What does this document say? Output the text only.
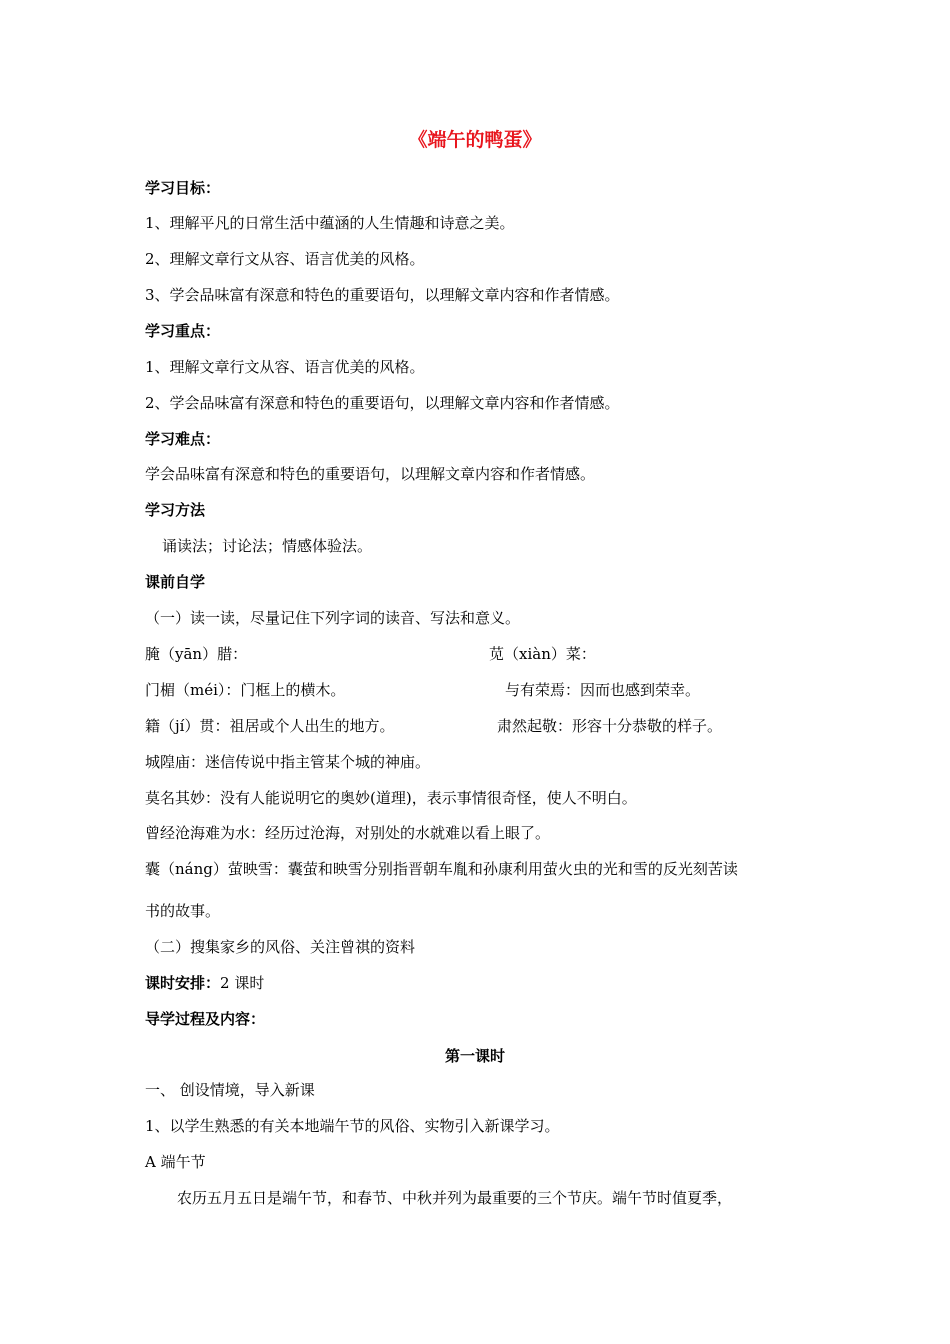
《端午的鸭蛋》
学习目标：
1、理解平凡的日常生活中蕴涵的人生情趣和诗意之美。
2、理解文章行文从容、语言优美的风格。
3、学会品味富有深意和特色的重要语句，以理解文章内容和作者情感。
学习重点：
1、理解文章行文从容、语言优美的风格。
2、学会品味富有深意和特色的重要语句，以理解文章内容和作者情感。
学习难点：
学会品味富有深意和特色的重要语句，以理解文章内容和作者情感。
学习方法
诵读法；讨论法；情感体验法。
课前自学
（一）读一读，尽量记住下列字词的读音、写法和意义。
腌（yān）腊：	苋（xiàn）菜：
门楣（méi）：门框上的横木。	与有荣焉：因而也感到荣幸。
籍（jí）贯：祖居或个人出生的地方。	肃然起敬：形容十分恭敬的样子。
城隍庙：迷信传说中指主管某个城的神庙。
莫名其妙：没有人能说明它的奥妙(道理)，表示事情很奇怪，使人不明白。
曾经沧海难为水：经历过沧海，对别处的水就难以看上眼了。
囊（náng）萤映雪：囊萤和映雪分别指晋朝车胤和孙康利用萤火虫的光和雪的反光刻苦读
书的故事。
（二）搜集家乡的风俗、关注曾祺的资料
课时安排：2 课时
导学过程及内容：
第一课时
一、 创设情境，导入新课
1、以学生熟悉的有关本地端午节的风俗、实物引入新课学习。
A 端午节
农历五月五日是端午节，和春节、中秋并列为最重要的三个节庆。端午节时值夏季，
